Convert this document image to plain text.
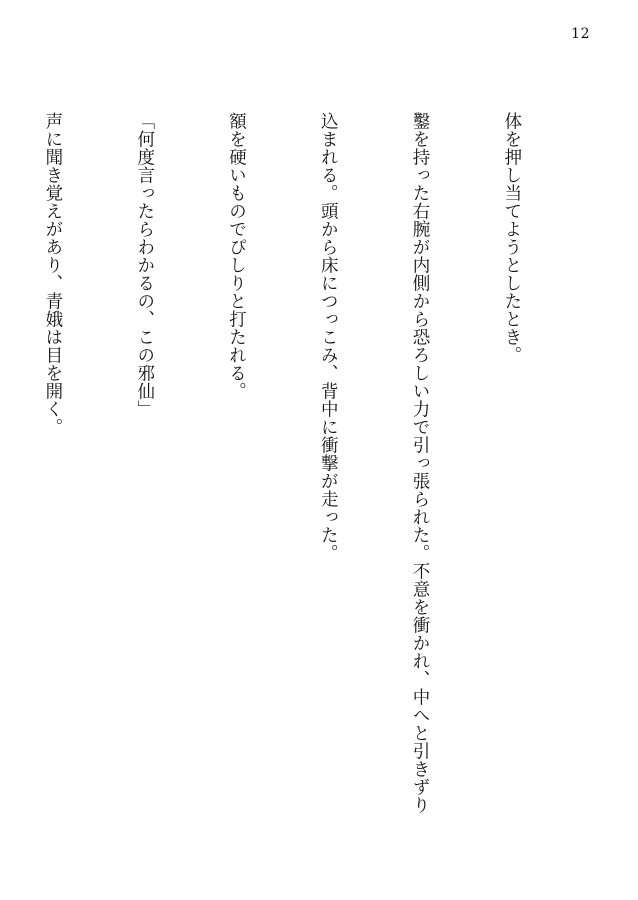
12

体を押し当てようとしたとき。

鑿を持った右腕が内側から恐ろしい力で引っ張られた。不意を衝かれ、中へと引きずり

込まれる。頭から床につっこみ、背中に衝撃が走った。

額を硬いものでぴしりと打たれる。

「何度言ったらわかるの、この邪仙」

声に聞き覚えがあり、青娥は目を開く。
